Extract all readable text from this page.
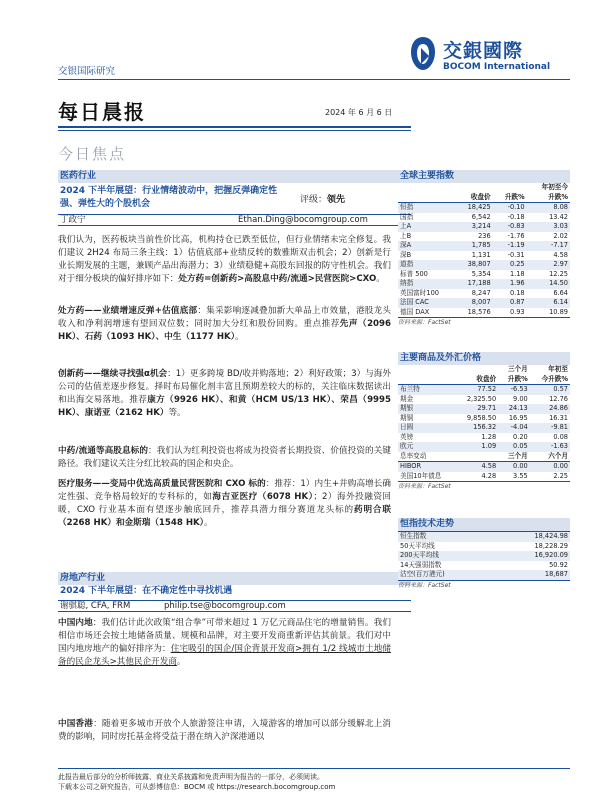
交银国际研究
交銀國際
BOCOM International
每日晨报	2024 年 6 月 6 日
今日焦点
医药行业
2024 下半年展望：行业情绪波动中，把握反弹确定性强、弹性大的个股机会	评级：领先
丁政宁	Ethan.Ding@bocomgroup.com
我们认为，医药板块当前性价比高，机构持仓已跌至低位，但行业情绪未完全修复。我们建议 2H24 布局三条主线：1）估值底部+业绩反转的数雅斯双击机会；2）创新是行业长期发展的主题，兼顾产品出海潜力；3）业绩稳健+高股东回报的防守性机会。我们对于细分板块的偏好排序如下：处方药=创新药>高股息中药/流通>民营医院>CXO。
处方药——业绩增速反弹+估值底部：集采影响逐减叠加新大单品上市效量，港股龙头收入和净利润增速有望回双位数；同时加大分红和股份回购。重点推荐先声（2096 HK）、石药（1093 HK）、中生（1177 HK）。
创新药——继续寻找强α机会：1）更多跨境 BD/收并购落地；2）利好政策；3）与海外公司的估值差逐步修复。择时布局催化剂丰富且预期差较大的标的，关注临床数据读出和出海交易落地。推荐康方（9926 HK）、和黄（HCM US/13 HK）、荣昌（9995 HK）、康诺亚（2162 HK）等。
中药/流通等高股息标的：我们认为红利投资也将成为投资者长期投资、价值投资的关键路径。我们建议关注分红比较高的国企和央企。
医疗服务——变局中优选高质量民营医院和 CXO 标的：推荐：1）内生+并购高增长确定性强、竞争格局较好的专科标的，如海吉亚医疗（6078 HK）；2）海外投融资回暖，CXO 行业基本面有望逐步触底回升，推荐具潜力细分赛道龙头标的药明合联（2268 HK）和金斯瑞（1548 HK）。
房地产行业
2024 下半年展望：在不确定性中寻找机遇
谢骐聪, CFA, FRM	philip.tse@bocomgroup.com
中国内地：我们估计此次政策“组合拳”可带来超过 1 万亿元商品住宅的增量销售。我们相信市场还会按土地储备质量、规模和品牌，对主要开发商重新评估其前景。我们对中国内地房地产的偏好排序为：住宅吸引的国企/国企背景开发商>拥有 1/2 线城市土地储备的民企龙头>其他民企开发商。
中国香港：随着更多城市开放个人旅游签注申请，入境游客的增加可以部分缓解北上消费的影响，同时房托基金将受益于潜在纳入沪深港通以
全球主要指数
			年初至今
	收盘价	升跌%	升跌%
恒指	18,425	-0.10	8.08
国指	6,542	-0.18	13.42
上A	3,214	-0.83	3.03
上B	236	-1.76	2.02
深A	1,785	-1.19	-7.17
深B	1,131	-0.31	4.58
道指	38,807	0.25	2.97
标普 500	5,354	1.18	12.25
纳指	17,188	1.96	14.50
英国富时100	8,247	0.18	6.64
法国 CAC	8,007	0.87	6.14
德国 DAX	18,576	0.93	10.89
资料来源：FactSet
主要商品及外汇价格
		三个月	年初至
	收盘价	升跌%	今升跌%
布兰特	77.52	-6.53	0.57
期金	2,325.50	9.00	12.76
期银	29.71	24.13	24.86
期铜	9,858.50	16.95	16.31
日圆	156.32	-4.04	-9.81
英镑	1.28	0.20	0.08
欧元	1.09	0.05	-1.63
息率变动		三个月	六个月
HIBOR	4.58	0.00	0.00
美国10年债息	4.28	3.55	2.25
资料来源：FactSet
恒指技术走势
恒生指数	18,424.98
50天平均线	18,228.29
200天平均线	16,920.09
14天强弱指数	50.92
沽空(百万港元)	18,687
资料来源：FactSet
此报告最后部分的分析师披露、商业关系披露和免责声明为报告的一部分，必须阅读。
下载本公司之研究报告，可从彭博信息：BOCM 或 https://research.bocomgroup.com
